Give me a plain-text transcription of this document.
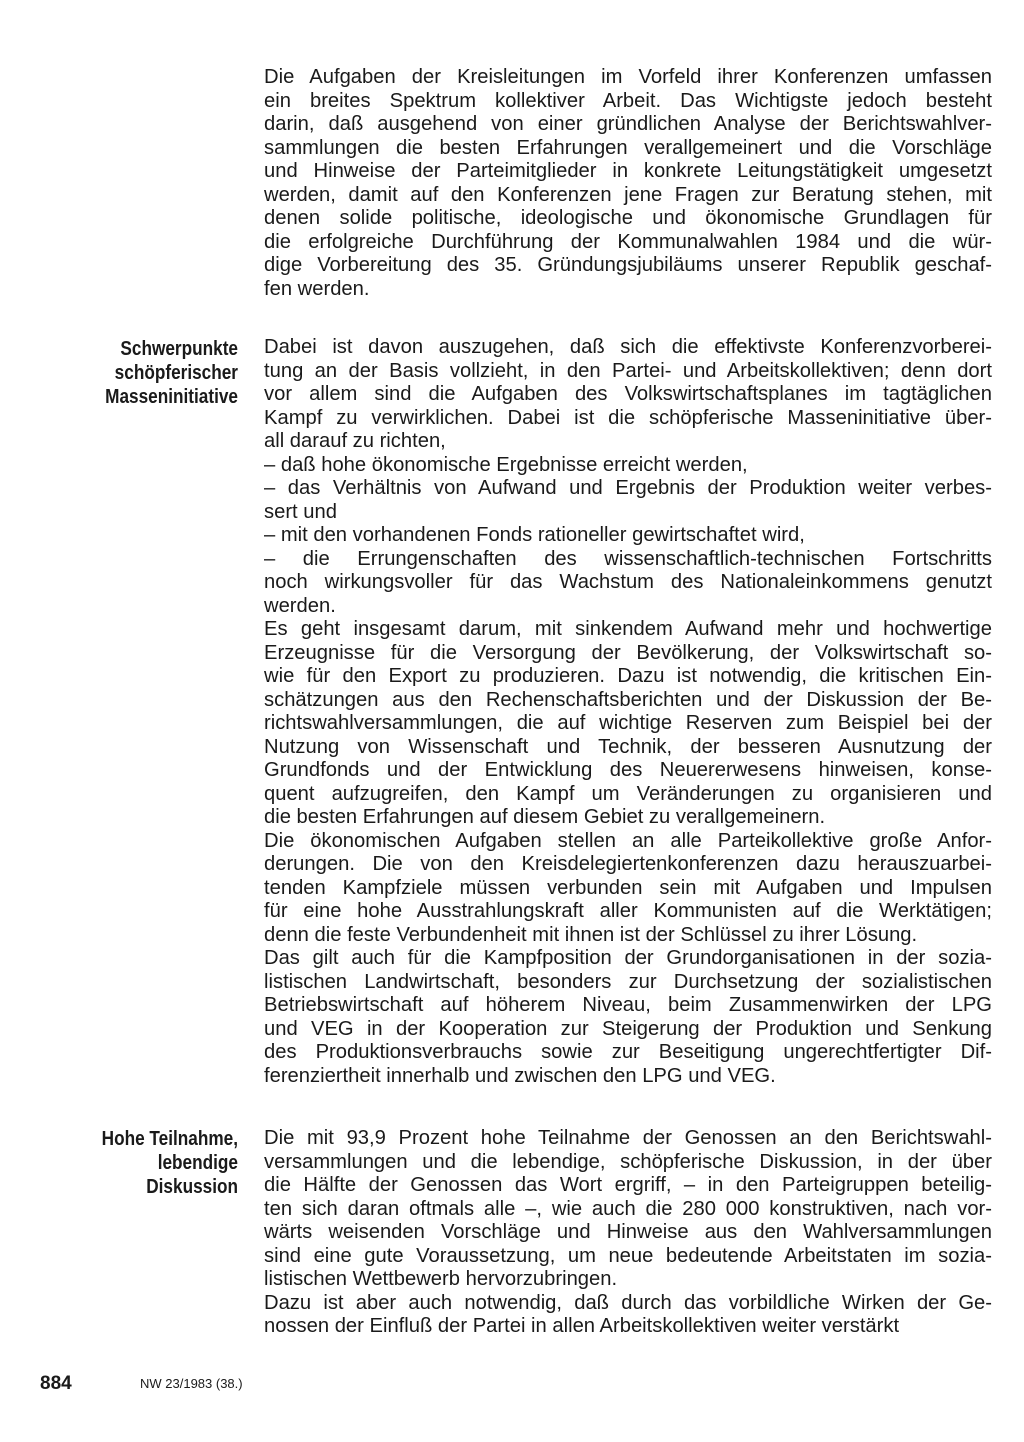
Die Aufgaben der Kreisleitungen im Vorfeld ihrer Konferenzen umfassen
ein breites Spektrum kollektiver Arbeit. Das Wichtigste jedoch besteht
darin, daß ausgehend von einer gründlichen Analyse der Berichtswahlver-
sammlungen die besten Erfahrungen verallgemeinert und die Vorschläge
und Hinweise der Parteimitglieder in konkrete Leitungstätigkeit umgesetzt
werden, damit auf den Konferenzen jene Fragen zur Beratung stehen, mit
denen solide politische, ideologische und ökonomische Grundlagen für
die erfolgreiche Durchführung der Kommunalwahlen 1984 und die wür-
dige Vorbereitung des 35. Gründungsjubiläums unserer Republik geschaf-
fen werden.
Schwerpunkte
schöpferischer
Masseninitiative
Dabei ist davon auszugehen, daß sich die effektivste Konferenzvorberei-
tung an der Basis vollzieht, in den Partei- und Arbeitskollektiven; denn dort
vor allem sind die Aufgaben des Volkswirtschaftsplanes im tagtäglichen
Kampf zu verwirklichen. Dabei ist die schöpferische Masseninitiative über-
all darauf zu richten,
– daß hohe ökonomische Ergebnisse erreicht werden,
– das Verhältnis von Aufwand und Ergebnis der Produktion weiter verbes-
sert und
– mit den vorhandenen Fonds rationeller gewirtschaftet wird,
– die Errungenschaften des wissenschaftlich-technischen Fortschritts
noch wirkungsvoller für das Wachstum des Nationaleinkommens genutzt
werden.
Es geht insgesamt darum, mit sinkendem Aufwand mehr und hochwertige
Erzeugnisse für die Versorgung der Bevölkerung, der Volkswirtschaft so-
wie für den Export zu produzieren. Dazu ist notwendig, die kritischen Ein-
schätzungen aus den Rechenschaftsberichten und der Diskussion der Be-
richtswahlversammlungen, die auf wichtige Reserven zum Beispiel bei der
Nutzung von Wissenschaft und Technik, der besseren Ausnutzung der
Grundfonds und der Entwicklung des Neuererwesens hinweisen, konse-
quent aufzugreifen, den Kampf um Veränderungen zu organisieren und
die besten Erfahrungen auf diesem Gebiet zu verallgemeinern.
Die ökonomischen Aufgaben stellen an alle Parteikollektive große Anfor-
derungen. Die von den Kreisdelegiertenkonferenzen dazu herauszuarbei-
tenden Kampfziele müssen verbunden sein mit Aufgaben und Impulsen
für eine hohe Ausstrahlungskraft aller Kommunisten auf die Werktätigen;
denn die feste Verbundenheit mit ihnen ist der Schlüssel zu ihrer Lösung.
Das gilt auch für die Kampfposition der Grundorganisationen in der sozia-
listischen Landwirtschaft, besonders zur Durchsetzung der sozialistischen
Betriebswirtschaft auf höherem Niveau, beim Zusammenwirken der LPG
und VEG in der Kooperation zur Steigerung der Produktion und Senkung
des Produktionsverbrauchs sowie zur Beseitigung ungerechtfertigter Dif-
ferenziertheit innerhalb und zwischen den LPG und VEG.
Hohe Teilnahme,
lebendige
Diskussion
Die mit 93,9 Prozent hohe Teilnahme der Genossen an den Berichtswahl-
versammlungen und die lebendige, schöpferische Diskussion, in der über
die Hälfte der Genossen das Wort ergriff, – in den Parteigruppen beteilig-
ten sich daran oftmals alle –, wie auch die 280 000 konstruktiven, nach vor-
wärts weisenden Vorschläge und Hinweise aus den Wahlversammlungen
sind eine gute Voraussetzung, um neue bedeutende Arbeitstaten im sozia-
listischen Wettbewerb hervorzubringen.
Dazu ist aber auch notwendig, daß durch das vorbildliche Wirken der Ge-
nossen der Einfluß der Partei in allen Arbeitskollektiven weiter verstärkt
884	NW 23/1983 (38.)
